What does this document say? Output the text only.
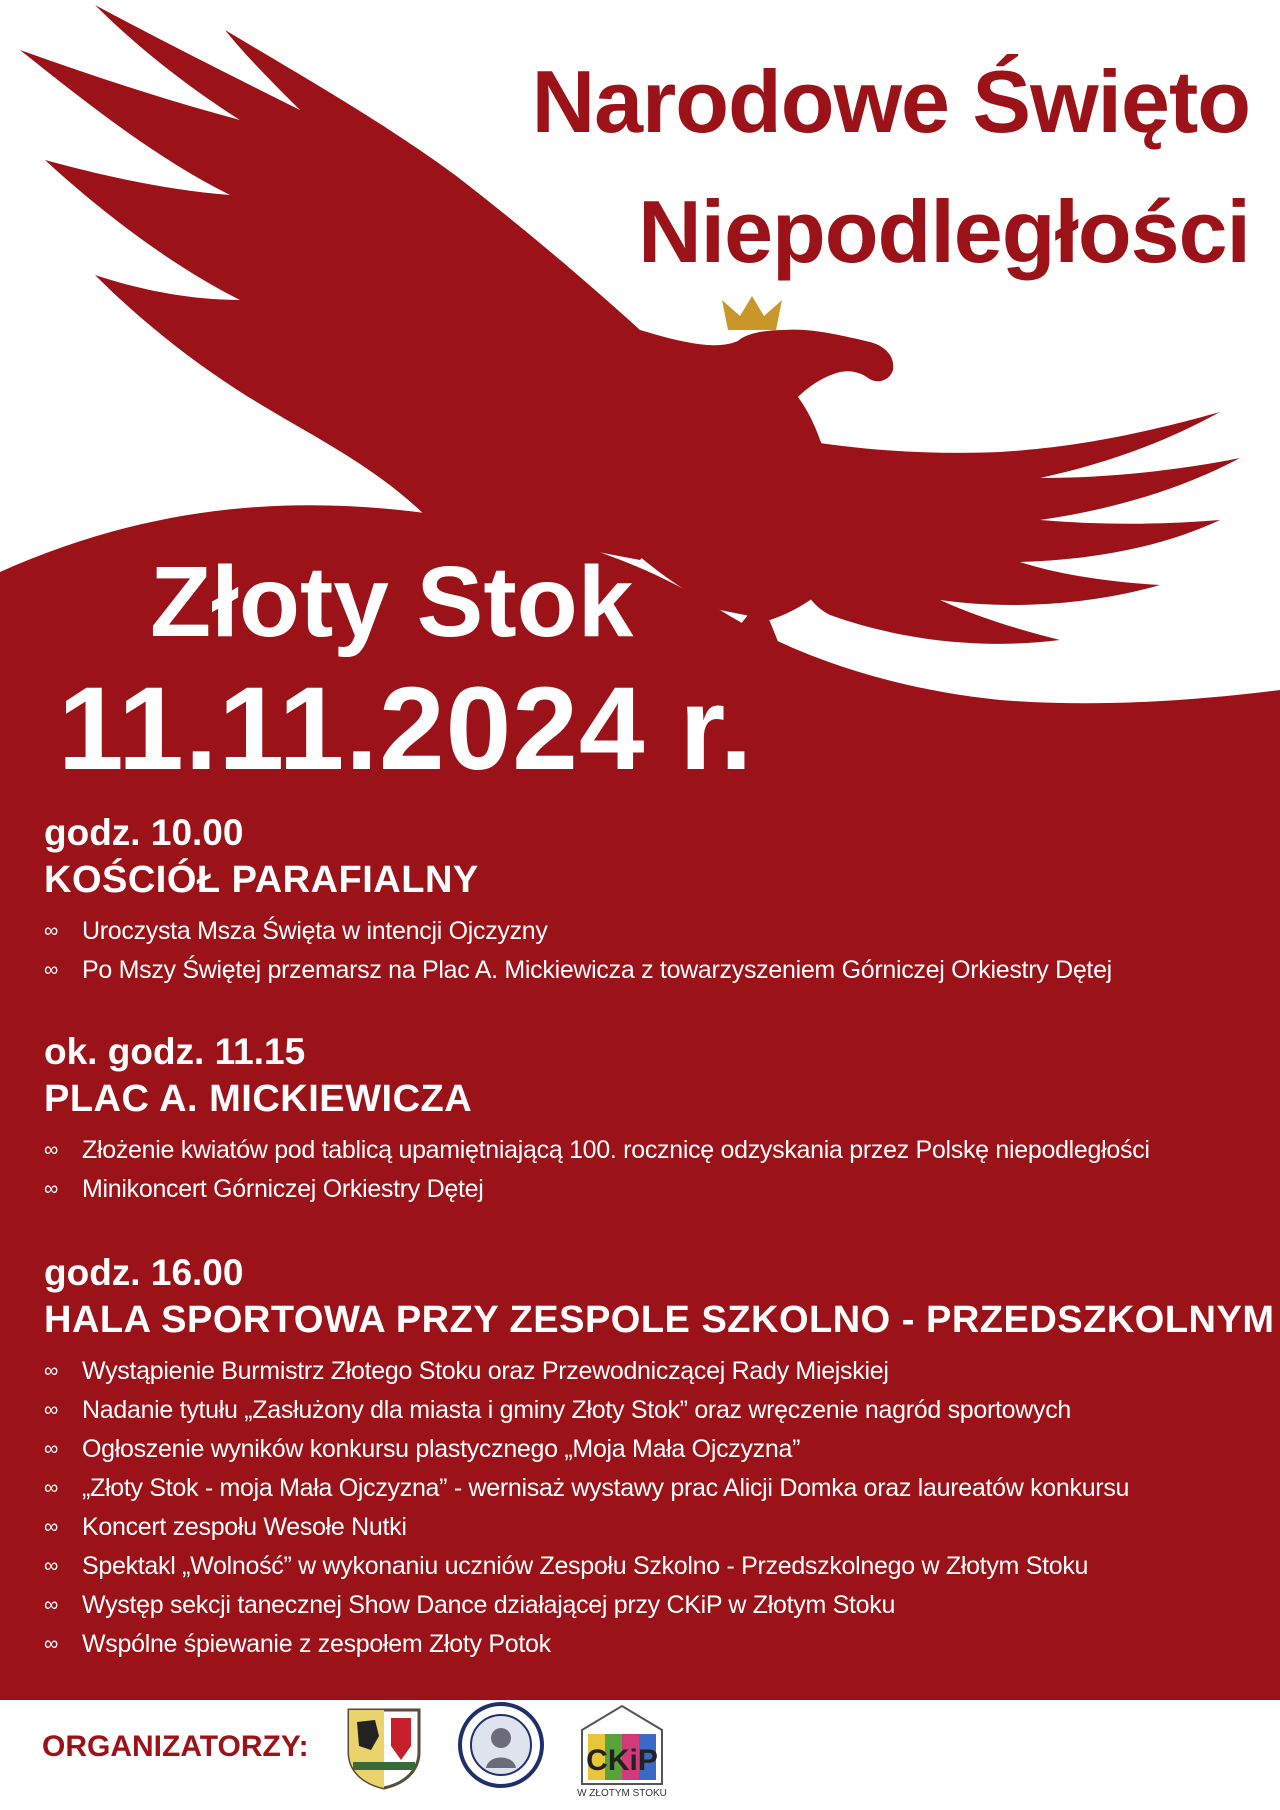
Narodowe Święto
Niepodległości
Złoty Stok
11.11.2024 r.
godz. 10.00
KOŚCIÓŁ PARAFIALNY
∞ Uroczysta Msza Święta w intencji Ojczyzny
∞ Po Mszy Świętej przemarsz na Plac A. Mickiewicza z towarzyszeniem Górniczej Orkiestry Dętej
ok. godz. 11.15
PLAC A. MICKIEWICZA
∞ Złożenie kwiatów pod tablicą upamiętniającą 100. rocznicę odzyskania przez Polskę niepodległości
∞ Minikoncert Górniczej Orkiestry Dętej
godz. 16.00
HALA SPORTOWA PRZY ZESPOLE SZKOLNO - PRZEDSZKOLNYM
∞ Wystąpienie Burmistrz Złotego Stoku oraz Przewodniczącej Rady Miejskiej
∞ Nadanie tytułu „Zasłużony dla miasta i gminy Złoty Stok” oraz wręczenie nagród sportowych
∞ Ogłoszenie wyników konkursu plastycznego „Moja Mała Ojczyzna”
∞ „Złoty Stok - moja Mała Ojczyzna” - wernisaż wystawy prac Alicji Domka oraz laureatów konkursu
∞ Koncert zespołu Wesołe Nutki
∞ Spektakl „Wolność” w wykonaniu uczniów Zespołu Szkolno - Przedszkolnego w Złotym Stoku
∞ Występ sekcji tanecznej Show Dance działającej przy CKiP w Złotym Stoku
∞ Wspólne śpiewanie z zespołem Złoty Potok
ORGANIZATORZY:	CKiP
W ZŁOTYM STOKU
